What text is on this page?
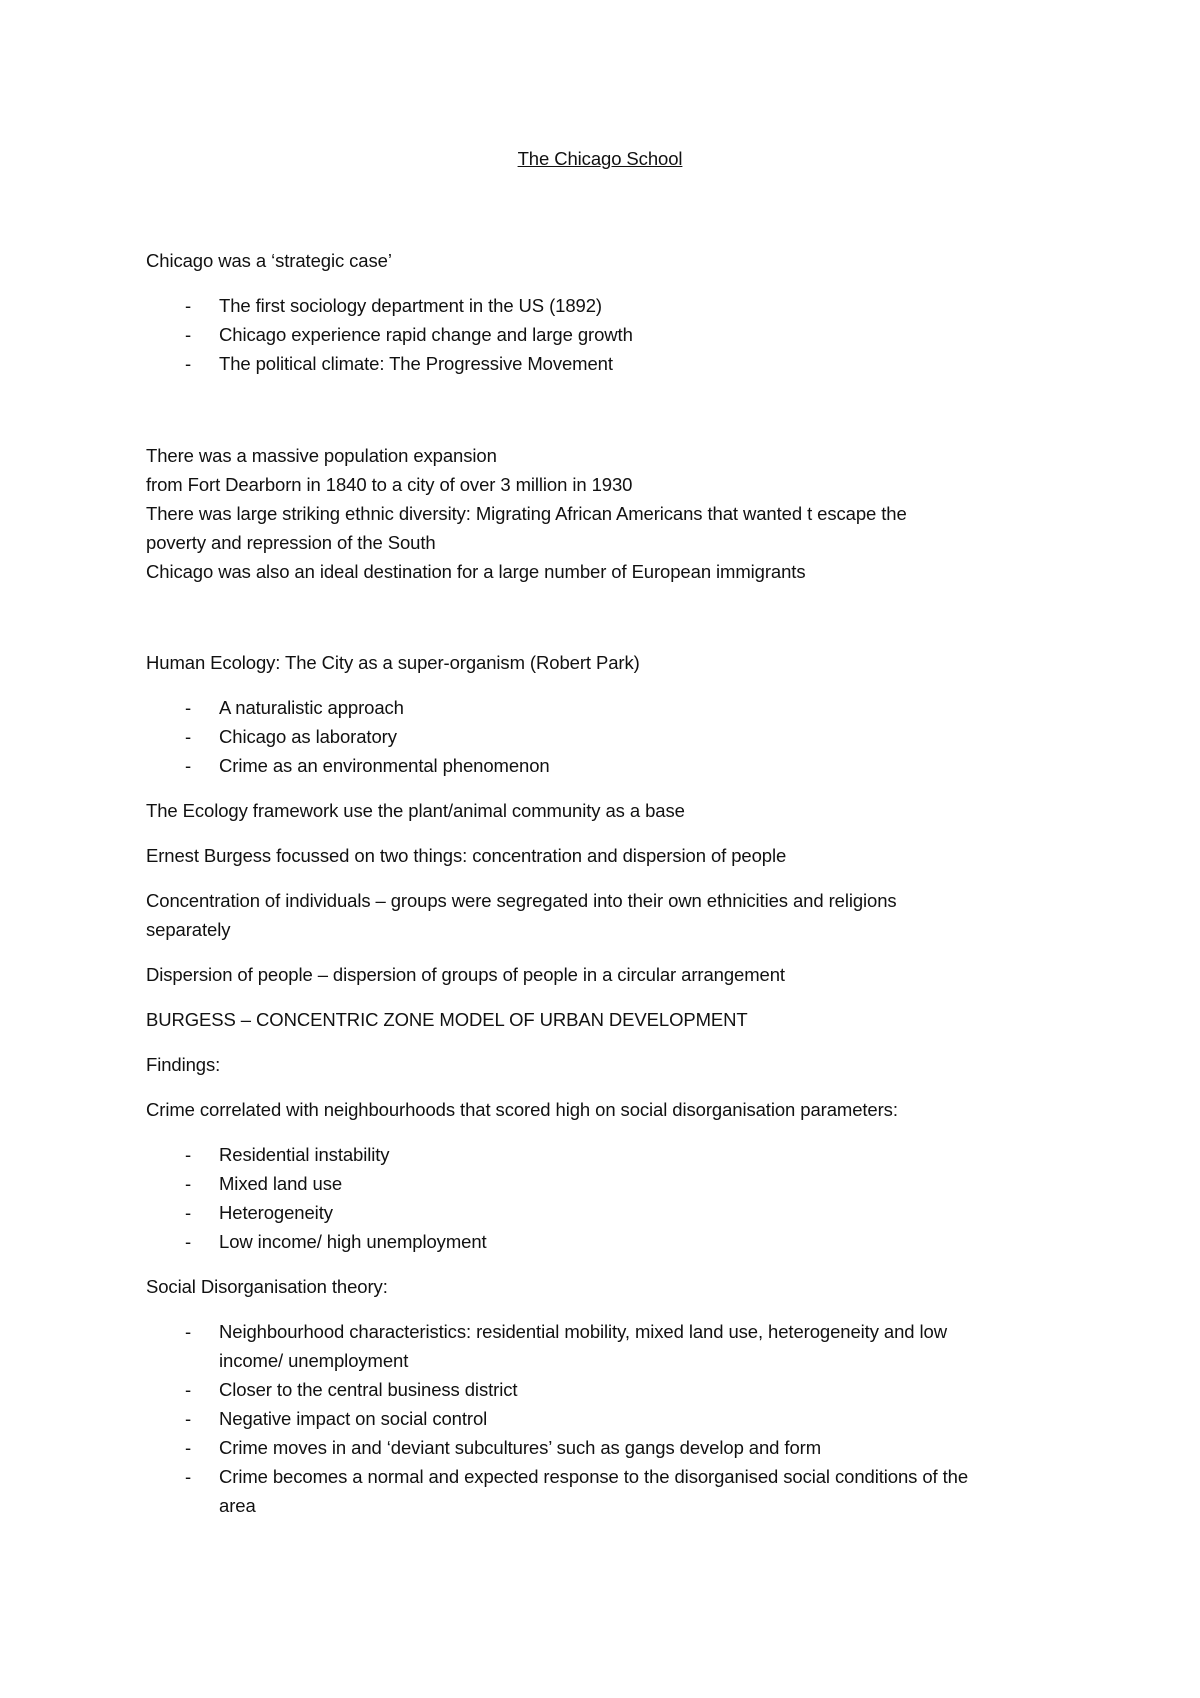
The Chicago School
Chicago was a ‘strategic case’
- The first sociology department in the US (1892)
- Chicago experience rapid change and large growth
- The political climate: The Progressive Movement
There was a massive population expansion
from Fort Dearborn in 1840 to a city of over 3 million in 1930
There was large striking ethnic diversity: Migrating African Americans that wanted t escape the
poverty and repression of the South
Chicago was also an ideal destination for a large number of European immigrants
Human Ecology: The City as a super-organism (Robert Park)
- A naturalistic approach
- Chicago as laboratory
- Crime as an environmental phenomenon
The Ecology framework use the plant/animal community as a base
Ernest Burgess focussed on two things: concentration and dispersion of people
Concentration of individuals – groups were segregated into their own ethnicities and religions
separately
Dispersion of people – dispersion of groups of people in a circular arrangement
BURGESS – CONCENTRIC ZONE MODEL OF URBAN DEVELOPMENT
Findings:
Crime correlated with neighbourhoods that scored high on social disorganisation parameters:
- Residential instability
- Mixed land use
- Heterogeneity
- Low income/ high unemployment
Social Disorganisation theory:
- Neighbourhood characteristics: residential mobility, mixed land use, heterogeneity and low
income/ unemployment
- Closer to the central business district
- Negative impact on social control
- Crime moves in and ‘deviant subcultures’ such as gangs develop and form
- Crime becomes a normal and expected response to the disorganised social conditions of the
area
